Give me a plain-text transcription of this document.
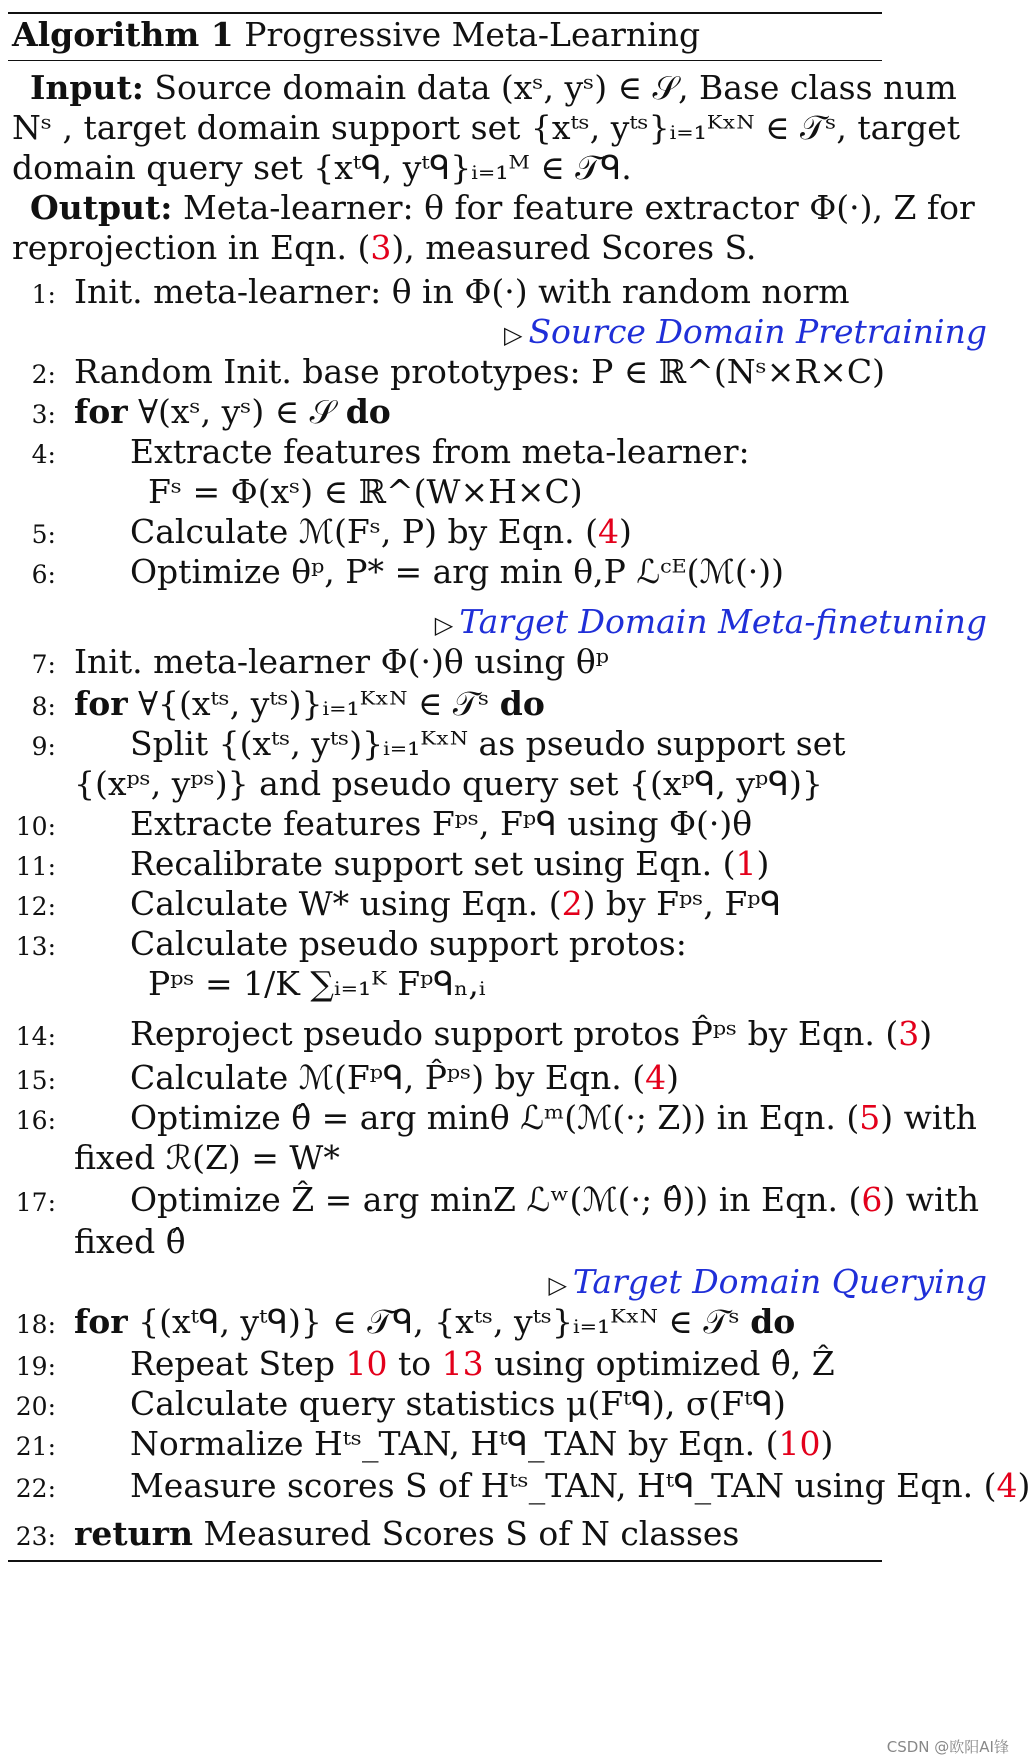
Algorithm 1 Progressive Meta-Learning
Input: Source domain data (xˢ, yˢ) ∈ 𝒮, Base class num
Nˢ , target domain support set {xᵗˢ, yᵗˢ}ᵢ₌₁ᴷˣᴺ ∈ 𝒯ˢ, target
domain query set {xᵗᑫ, yᵗᑫ}ᵢ₌₁ᴹ ∈ 𝒯ᑫ.
Output: Meta-learner: θ for feature extractor Φ(·), Z for
reprojection in Eqn. (3), measured Scores S.
1: Init. meta-learner: θ in Φ(·) with random norm
2: Random Init. base prototypes: P ∈ ℝ^(Nˢ×R×C)
3: for ∀(xˢ, yˢ) ∈ 𝒮 do
4: Extracte features from meta-learner:
Fˢ = Φ(xˢ) ∈ ℝ^(W×H×C)
5: Calculate ℳ(Fˢ, P) by Eqn. (4)
6: Optimize θᵖ, P* = arg min θ,P ℒᶜᴱ(ℳ(·))
7: Init. meta-learner Φ(·)θ using θᵖ
8: for ∀{(xᵗˢ, yᵗˢ)}ᵢ₌₁ᴷˣᴺ ∈ 𝒯ˢ do
9: Split {(xᵗˢ, yᵗˢ)}ᵢ₌₁ᴷˣᴺ as pseudo support set
{(xᵖˢ, yᵖˢ)} and pseudo query set {(xᵖᑫ, yᵖᑫ)}
10: Extracte features Fᵖˢ, Fᵖᑫ using Φ(·)θ
11: Recalibrate support set using Eqn. (1)
12: Calculate W* using Eqn. (2) by Fᵖˢ, Fᵖᑫ
13: Calculate pseudo support protos:
Pᵖˢ = 1/K ∑ᵢ₌₁ᴷ Fᵖᑫₙ,ᵢ
14: Reproject pseudo support protos P̂ᵖˢ by Eqn. (3)
15: Calculate ℳ(Fᵖᑫ, P̂ᵖˢ) by Eqn. (4)
16: Optimize θ̂ = arg minθ ℒᵐ(ℳ(·; Z)) in Eqn. (5) with
fixed ℛ(Z) = W*
17: Optimize Ẑ = arg minZ ℒʷ(ℳ(·; θ̂)) in Eqn. (6) with
fixed θ̂
18: for {(xᵗᑫ, yᵗᑫ)} ∈ 𝒯ᑫ, {xᵗˢ, yᵗˢ}ᵢ₌₁ᴷˣᴺ ∈ 𝒯ˢ do
19: Repeat Step 10 to 13 using optimized θ̂, Ẑ
20: Calculate query statistics μ(Fᵗᑫ), σ(Fᵗᑫ)
21: Normalize Hᵗˢ_TAN, Hᵗᑫ_TAN by Eqn. (10)
22: Measure scores S of Hᵗˢ_TAN, Hᵗᑫ_TAN using Eqn. (4)
23: return Measured Scores S of N classes
▷ Source Domain Pretraining
▷ Target Domain Meta-finetuning
▷ Target Domain Querying
CSDN @欧阳AI锋
